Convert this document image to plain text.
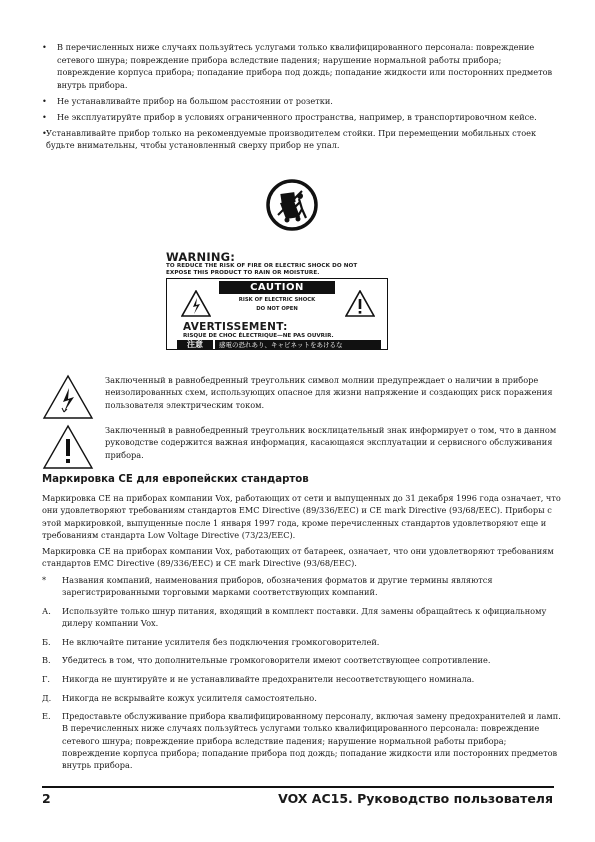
•	В перечисленных ниже случаях пользуйтесь услугами только квалифицированного персонала: повреждение сетевого шнура; повреждение прибора вследствие падения; нарушение нормальной работы прибора; повреждение корпуса прибора; попадание прибора под дождь; попадание жидкости или посторонних предметов внутрь прибора.
•	Не устанавливайте прибор на большом расстоянии от розетки.
•	Не эксплуатируйте прибор в условиях ограниченного пространства, например, в транспортировочном кейсе.
• Устанавливайте прибор только на рекомендуемые производителем стойки. При перемещении мобильных стоек будьте внимательны, чтобы установленный сверху прибор не упал.
WARNING:
TO REDUCE THE RISK OF FIRE OR ELECTRIC SHOCK DO NOT
EXPOSE THIS PRODUCT TO RAIN OR MOISTURE.
CAUTION
RISK OF ELECTRIC SHOCK
DO NOT OPEN
AVERTISSEMENT:
RISQUE DE CHOC ÉLECTRIQUE—NE PAS OUVRIR.
注意	感電の恐れあり、キャビネットをあけるな
Заключенный в равнобедренный треугольник символ молнии предупреждает о наличии в приборе неизолированных схем, использующих опасное для жизни напряжение и создающих риск поражения пользователя электрическим током.
Заключенный в равнобедренный треугольник восклицательный знак информирует о том, что в данном руководстве содержится важная информация, касающаяся эксплуатации и сервисного обслуживания прибора.
Маркировка CE для европейских стандартов
Маркировка CE на приборах компании Vox, работающих от сети и выпущенных до 31 декабря 1996 года означает, что они удовлетворяют требованиям стандартов EMC Directive (89/336/EEC) и CE mark Directive (93/68/EEC). Приборы с этой маркировкой, выпущенные после 1 января 1997 года, кроме перечисленных стандартов удовлетворяют еще и требованиям стандарта Low Voltage Directive (73/23/EEC).
Маркировка CE на приборах компании Vox, работающих от батареек, означает, что они удовлетворяют требованиям стандартов EMC Directive (89/336/EEC) и CE mark Directive (93/68/EEC).
*	Названия компаний, наименования приборов, обозначения форматов и другие термины являются зарегистрированными торговыми марками соответствующих компаний.
А.	Используйте только шнур питания, входящий в комплект поставки. Для замены обращайтесь к официальному дилеру компании Vox.
Б.	Не включайте питание усилителя без подключения громкоговорителей.
В.	Убедитесь в том, что дополнительные громкоговорители имеют соответствующее сопротивление.
Г.	Никогда не шунтируйте и не устанавливайте предохранители несоответствующего номинала.
Д.	Никогда не вскрывайте кожух усилителя самостоятельно.
Е.	Предоставьте обслуживание прибора квалифицированному персоналу, включая замену предохранителей и ламп. В перечисленных ниже случаях пользуйтесь услугами только квалифицированного персонала: повреждение сетевого шнура; повреждение прибора вследствие падения; нарушение нормальной работы прибора; повреждение корпуса прибора; попадание прибора под дождь; попадание жидкости или посторонних предметов внутрь прибора.
2	VOX AC15. Руководство пользователя
